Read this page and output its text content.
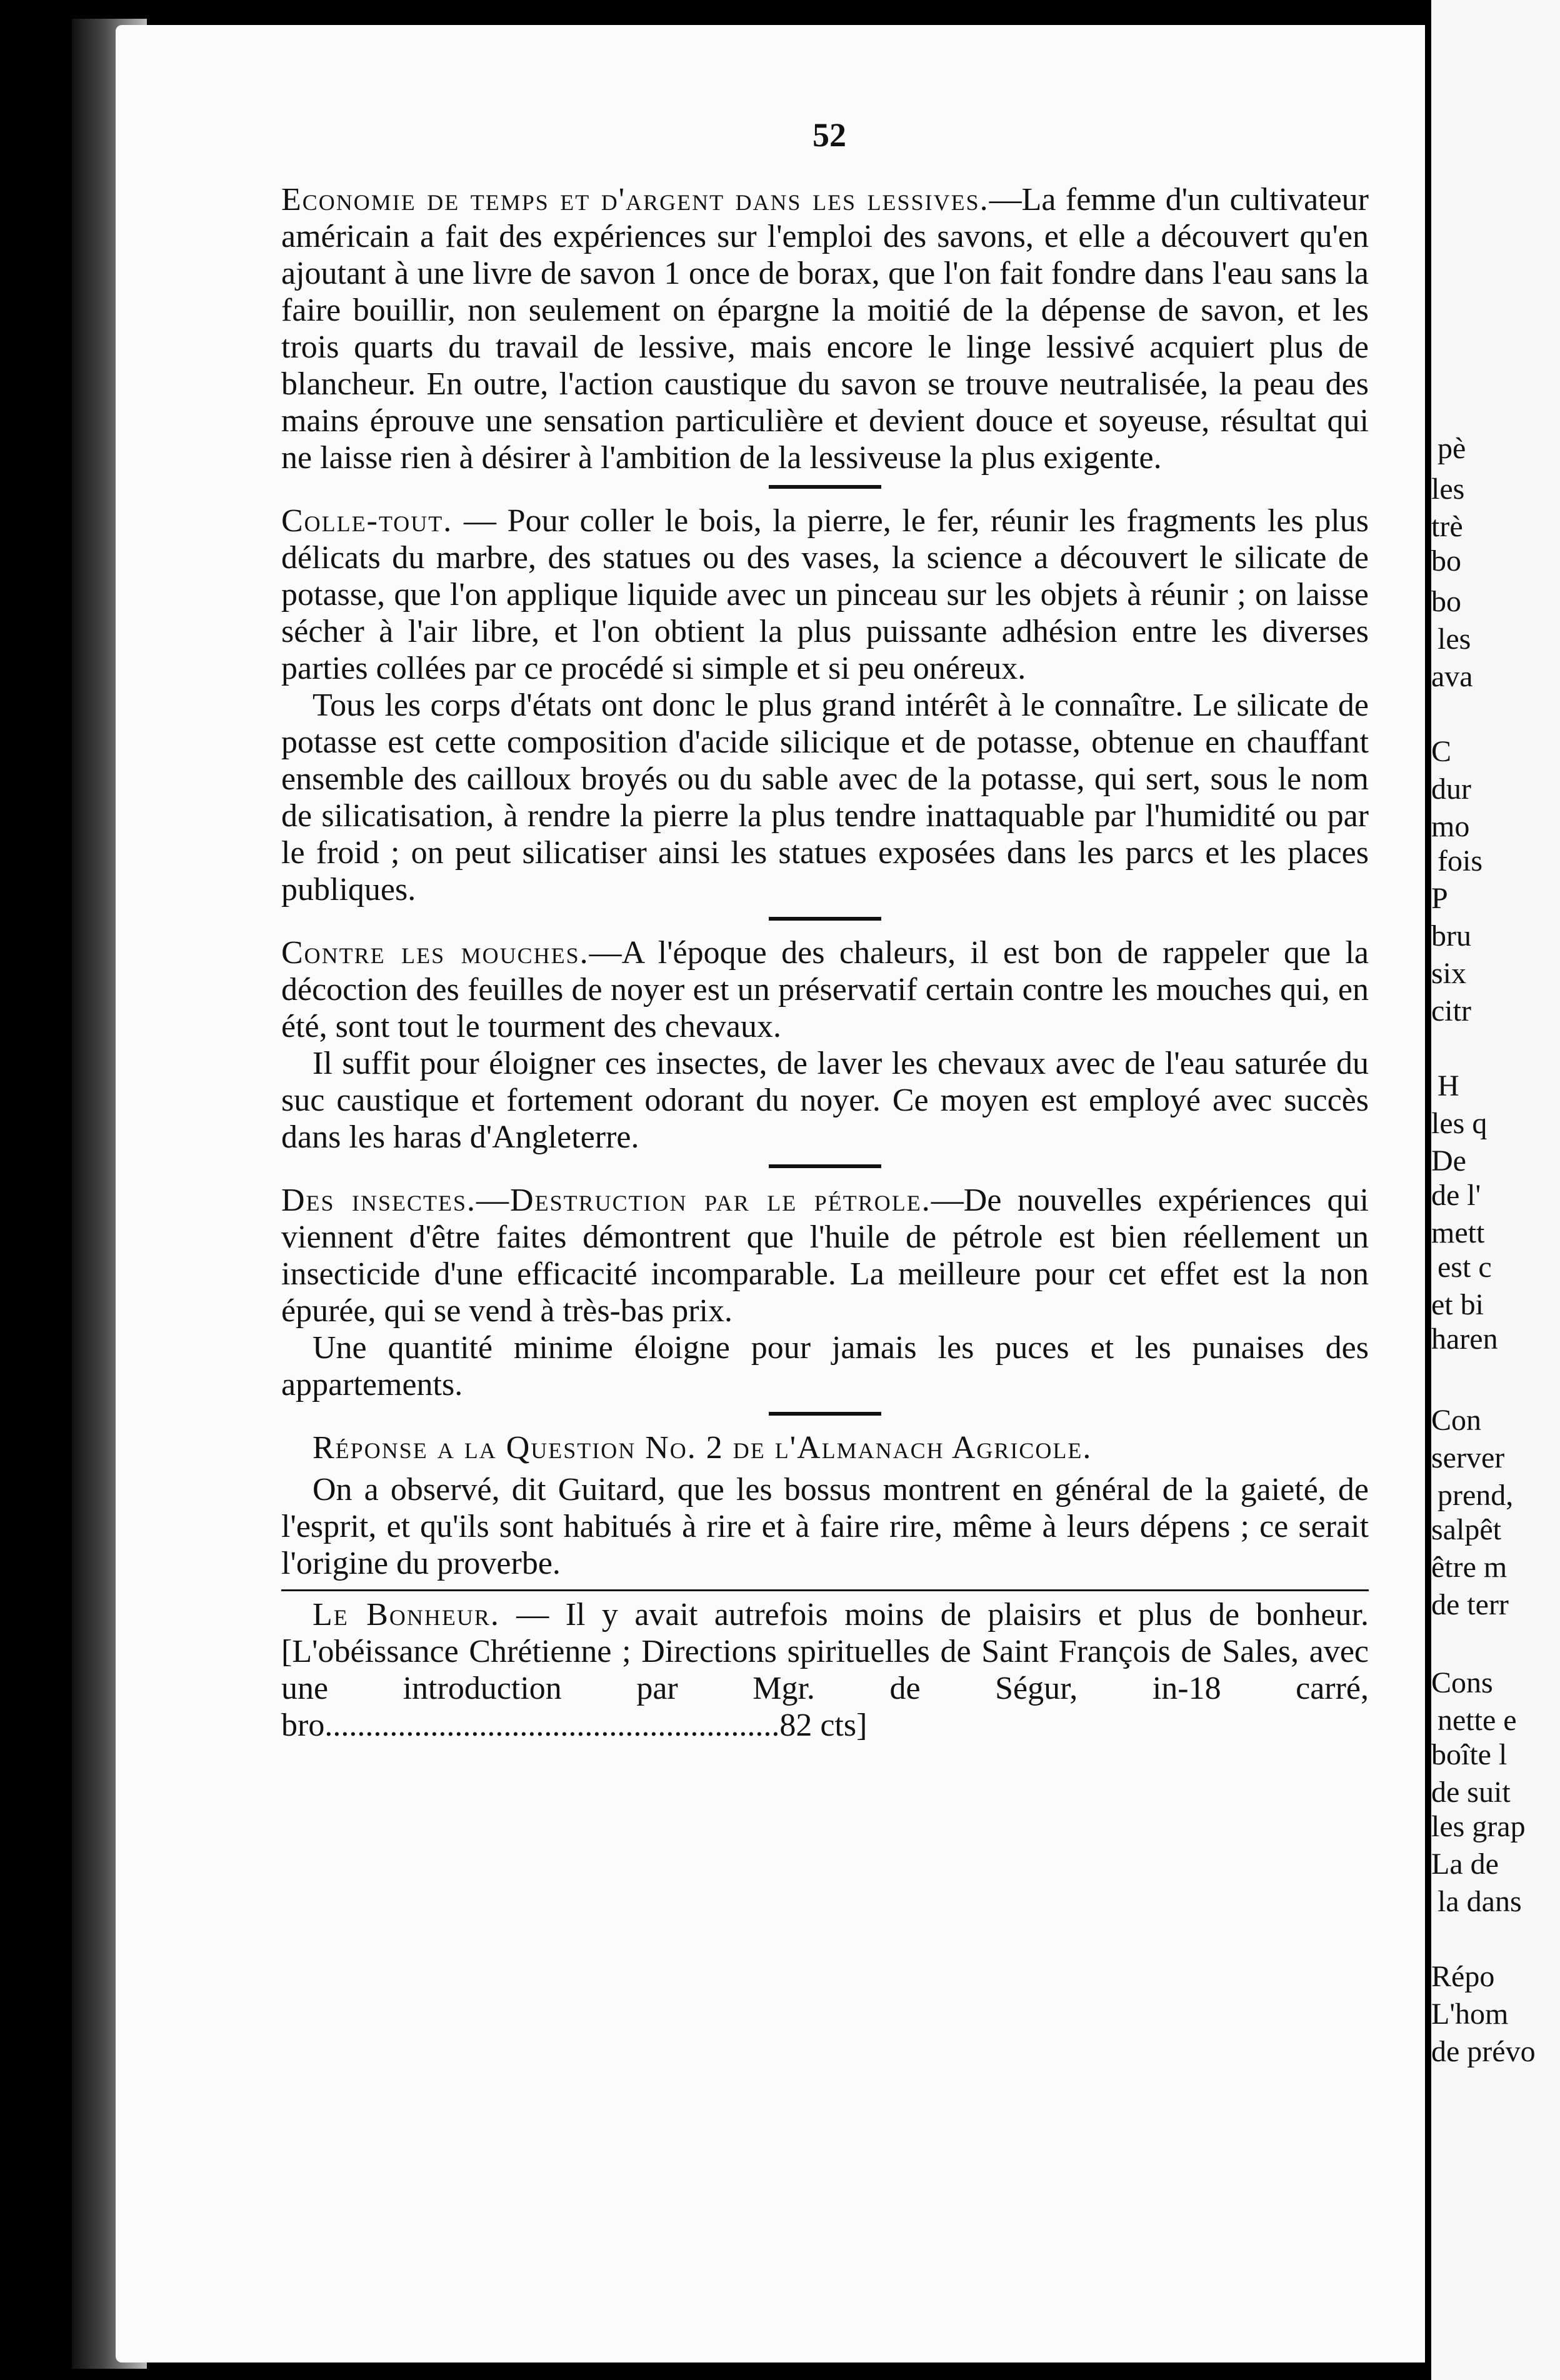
52

Economie de temps et d'argent dans les lessives.—La femme d'un cultivateur américain a fait des expériences sur l'emploi des savons, et elle a découvert qu'en ajoutant à une livre de savon 1 once de borax, que l'on fait fondre dans l'eau sans la faire bouillir, non seulement on épargne la moitié de la dépense de savon, et les trois quarts du travail de lessive, mais encore le linge lessivé acquiert plus de blancheur. En outre, l'action caustique du savon se trouve neutralisée, la peau des mains éprouve une sensation particulière et devient douce et soyeuse, résultat qui ne laisse rien à désirer à l'ambition de la lessiveuse la plus exigente.

Colle-tout. — Pour coller le bois, la pierre, le fer, réunir les fragments les plus délicats du marbre, des statues ou des vases, la science a découvert le silicate de potasse, que l'on applique liquide avec un pinceau sur les objets à réunir ; on laisse sécher à l'air libre, et l'on obtient la plus puissante adhésion entre les diverses parties collées par ce procédé si simple et si peu onéreux.

Tous les corps d'états ont donc le plus grand intérêt à le connaître. Le silicate de potasse est cette composition d'acide silicique et de potasse, obtenue en chauffant ensemble des cailloux broyés ou du sable avec de la potasse, qui sert, sous le nom de silicatisation, à rendre la pierre la plus tendre inattaquable par l'humidité ou par le froid ; on peut silicatiser ainsi les statues exposées dans les parcs et les places publiques.

Contre les mouches.—A l'époque des chaleurs, il est bon de rappeler que la décoction des feuilles de noyer est un préservatif certain contre les mouches qui, en été, sont tout le tourment des chevaux.

Il suffit pour éloigner ces insectes, de laver les chevaux avec de l'eau saturée du suc caustique et fortement odorant du noyer. Ce moyen est employé avec succès dans les haras d'Angleterre.

Des insectes.—Destruction par le pétrole.—De nouvelles expériences qui viennent d'être faites démontrent que l'huile de pétrole est bien réellement un insecticide d'une efficacité incomparable. La meilleure pour cet effet est la non épurée, qui se vend à très-bas prix.

Une quantité minime éloigne pour jamais les puces et les punaises des appartements.

Réponse a la Question No. 2 de l'Almanach Agricole.

On a observé, dit Guitard, que les bossus montrent en général de la gaieté, de l'esprit, et qu'ils sont habitués à rire et à faire rire, même à leurs dépens ; ce serait l'origine du proverbe.

Le Bonheur. — Il y avait autrefois moins de plaisirs et plus de bonheur. [L'obéissance Chrétienne ; Directions spirituelles de Saint François de Sales, avec une introduction par Mgr. de Ségur, in-18 carré, bro........................................................82 cts]

pè
les
trè
bo
bo
les
ava
C
dur
mo
fois
P
bru
six
citr
H
les q
De
de l'
mett
est c
et bi
haren
Con
server
prend,
salpêt
être m
de terr
Cons
nette e
boîte l
de suit
les grap
La de
la dans
Répo
L'hom
de prévo
